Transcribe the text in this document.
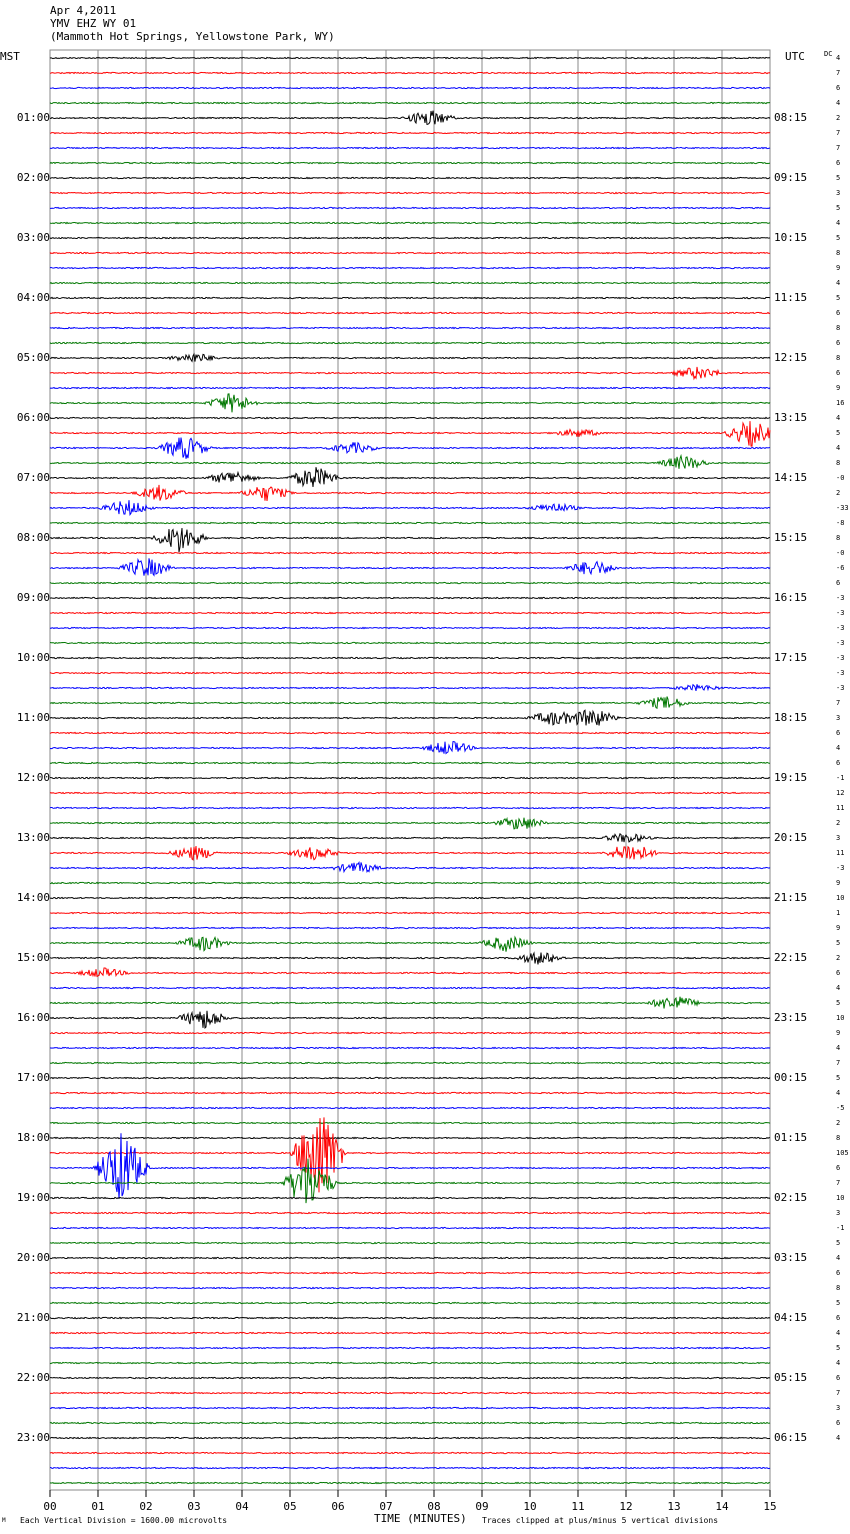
Apr 4,2011
YMV EHZ WY 01
(Mammoth Hot Springs, Yellowstone Park, WY)
MST	UTC	DC
01:00
02:00
03:00
04:00
05:00
06:00
07:00
08:00
09:00
10:00
11:00
12:00
13:00
14:00
15:00
16:00
17:00
18:00
19:00
20:00
21:00
22:00
23:00
08:15
09:15
10:15
11:15
12:15
13:15
14:15
15:15
16:15
17:15
18:15
19:15
20:15
21:15
22:15
23:15
00:15
01:15
02:15
03:15
04:15
05:15
06:15
4
7
6
4
2
7
7
6
5
3
5
4
5
8
9
4
5
6
8
6
8
6
9
16
4
5
4
8
-0
2
-33
-8
8
-0
-6
6
-3
-3
-3
-3
-3
-3
-3
7
3
6
4
6
-1
12
11
2
3
11
-3
9
10
1
9
5
2
6
4
5
10
9
4
7
5
4
-5
2
8
105
6
7
10
3
-1
5
4
6
8
5
6
4
5
4
6
7
3
6
4
00	01	02	03	04	05	06	07	08	09	10	11	12	13	14	15
M Each Vertical Division = 1600.00 microvolts	TIME (MINUTES) Traces clipped at plus/minus 5 vertical divisions
